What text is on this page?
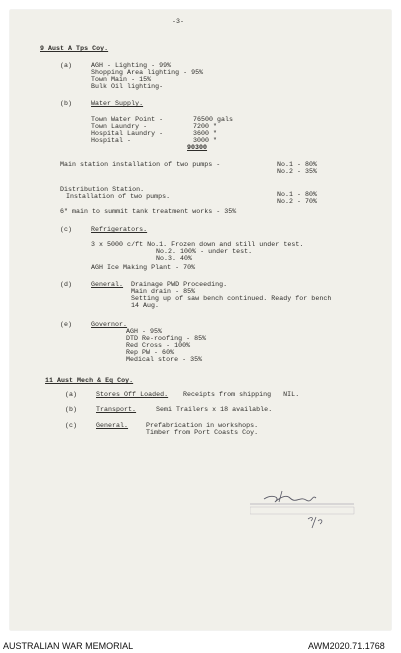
-3-
9 Aust A Tps Coy.
(a)	AGH - Lighting - 99%
Shopping Area lighting - 95%
Town Main - 15%
Bulk Oil lighting-
(b)	Water Supply.
Town Water Point -	76500 gals
Town Laundry -	7200 "
Hospital Laundry -	3600 "
Hospital -	3000 "
90300
Main station installation of two pumps -	No.1 - 80%
No.2 - 35%
Distribution Station.
Installation of two pumps.	No.1 - 80%
No.2 - 70%
6" main to summit tank treatment works - 35%
(c)	Refrigerators.
3 x 5000 c/ft No.1. Frozen down and still under test.
No.2. 100% - under test.
No.3. 40%
AGH Ice Making Plant - 70%
(d)	General. Drainage PWD Proceeding.
Main drain - 85%
Setting up of saw bench continued. Ready for bench
14 Aug.
(e)	Governor.
AGH - 95%
DTD Re-roofing - 85%
Red Cross - 100%
Rep PW - 60%
Medical store - 35%
11 Aust Mech & Eq Coy.
(a)	Stores Off Loaded. Receipts from shipping   NIL.
(b)	Transport.	Semi Trailers x 18 available.
(c)	General.	Prefabrication in workshops.
Timber from Port Coasts Coy.
AUSTRALIAN WAR MEMORIAL	AWM2020.71.1768
